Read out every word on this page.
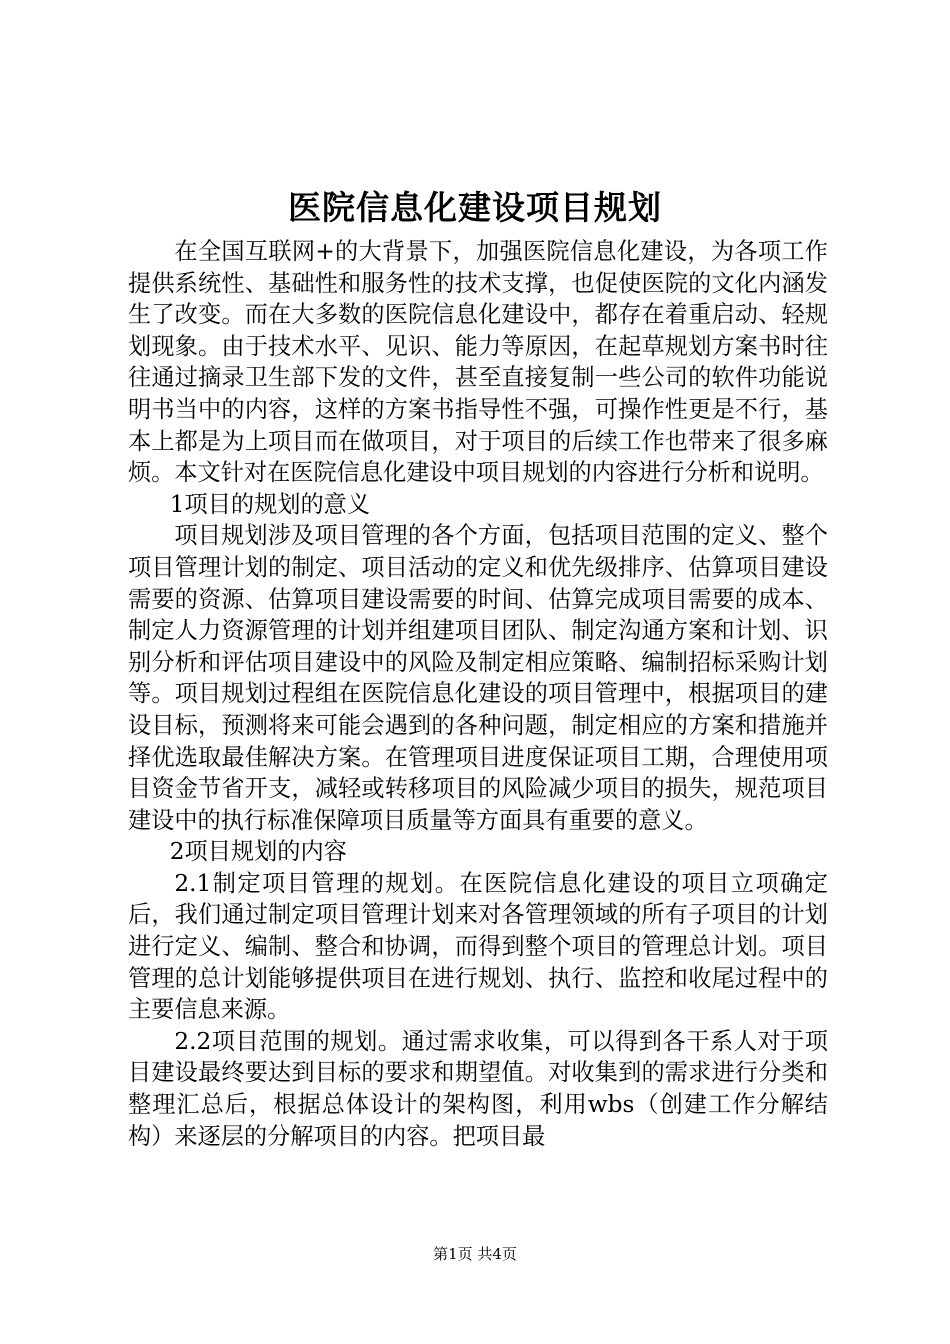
医院信息化建设项目规划

在全国互联网+的大背景下，加强医院信息化建设，为各项工作提供系统性、基础性和服务性的技术支撑，也促使医院的文化内涵发生了改变。而在大多数的医院信息化建设中，都存在着重启动、轻规划现象。由于技术水平、见识、能力等原因，在起草规划方案书时往往通过摘录卫生部下发的文件，甚至直接复制一些公司的软件功能说明书当中的内容，这样的方案书指导性不强，可操作性更是不行，基本上都是为上项目而在做项目，对于项目的后续工作也带来了很多麻烦。本文针对在医院信息化建设中项目规划的内容进行分析和说明。

1项目的规划的意义

项目规划涉及项目管理的各个方面，包括项目范围的定义、整个项目管理计划的制定、项目活动的定义和优先级排序、估算项目建设需要的资源、估算项目建设需要的时间、估算完成项目需要的成本、制定人力资源管理的计划并组建项目团队、制定沟通方案和计划、识别分析和评估项目建设中的风险及制定相应策略、编制招标采购计划等。项目规划过程组在医院信息化建设的项目管理中，根据项目的建设目标，预测将来可能会遇到的各种问题，制定相应的方案和措施并择优选取最佳解决方案。在管理项目进度保证项目工期，合理使用项目资金节省开支，减轻或转移项目的风险减少项目的损失，规范项目建设中的执行标准保障项目质量等方面具有重要的意义。

2项目规划的内容

2.1制定项目管理的规划。在医院信息化建设的项目立项确定后，我们通过制定项目管理计划来对各管理领域的所有子项目的计划进行定义、编制、整合和协调，而得到整个项目的管理总计划。项目管理的总计划能够提供项目在进行规划、执行、监控和收尾过程中的主要信息来源。

2.2项目范围的规划。通过需求收集，可以得到各干系人对于项目建设最终要达到目标的要求和期望值。对收集到的需求进行分类和整理汇总后，根据总体设计的架构图，利用wbs（创建工作分解结构）来逐层的分解项目的内容。把项目最

第1页 共4页
